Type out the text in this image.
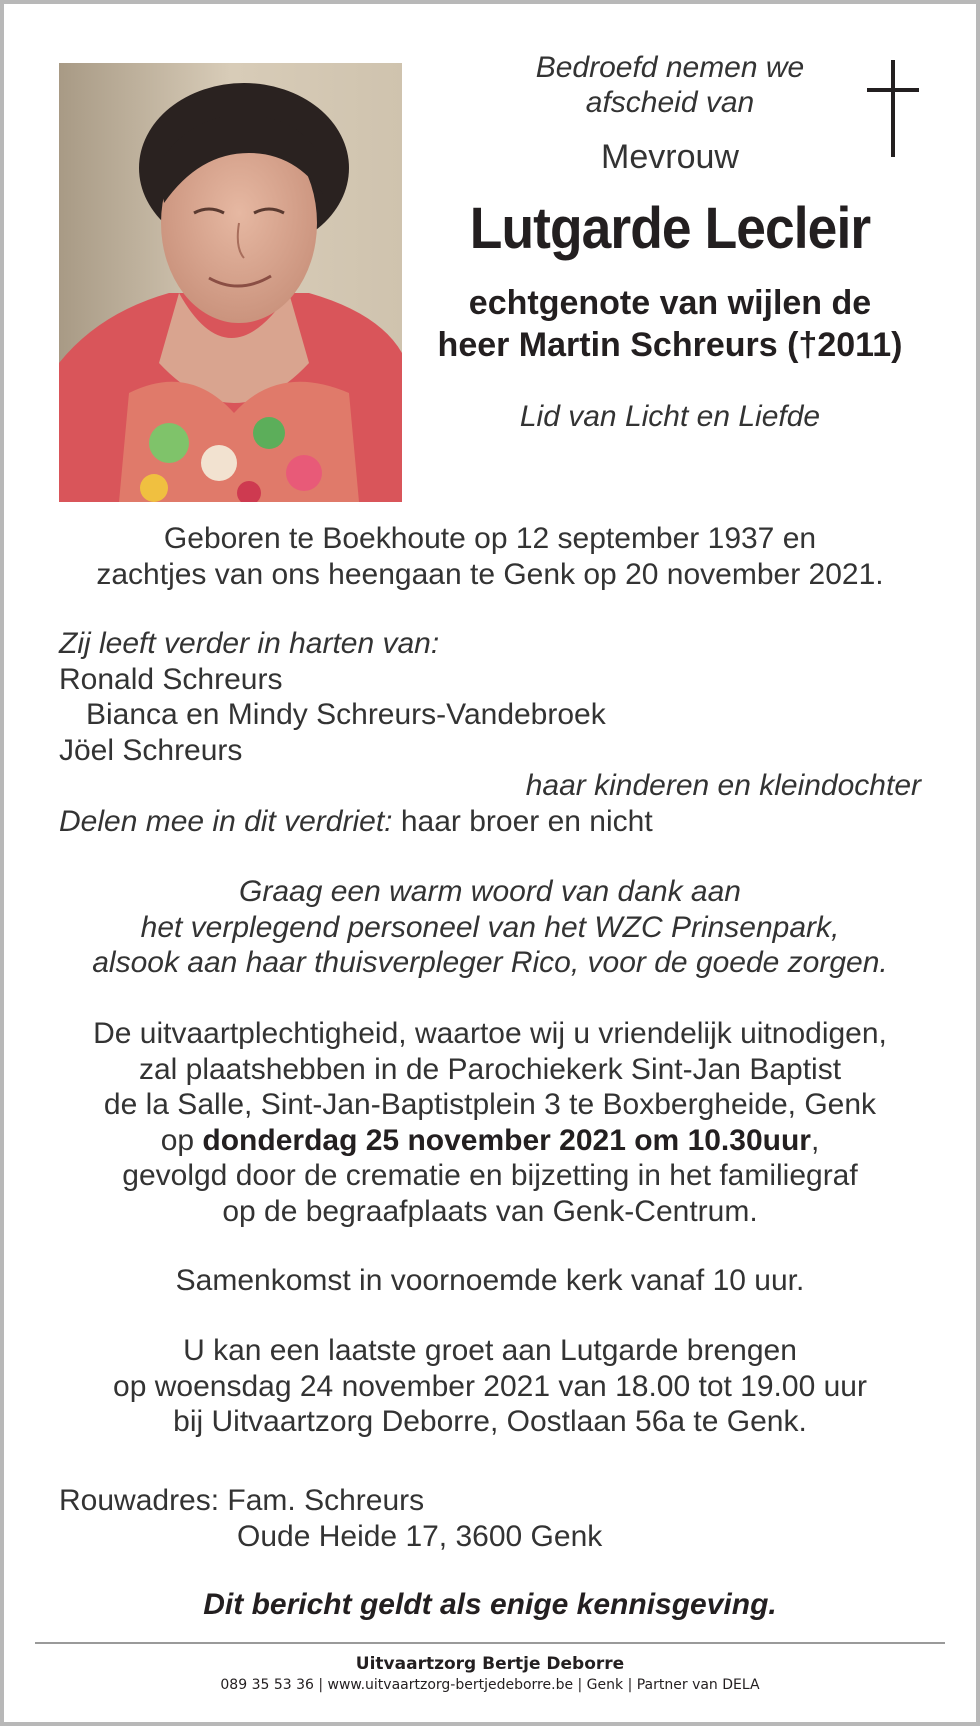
Bedroefd nemen we
afscheid van
Mevrouw
Lutgarde Lecleir
echtgenote van wijlen de
heer Martin Schreurs (†2011)
Lid van Licht en Liefde
Geboren te Boekhoute op 12 september 1937 en
zachtjes van ons heengaan te Genk op 20 november 2021.
Zij leeft verder in harten van:
Ronald Schreurs
Bianca en Mindy Schreurs-Vandebroek
Jöel Schreurs
haar kinderen en kleindochter
Delen mee in dit verdriet: haar broer en nicht
Graag een warm woord van dank aan
het verplegend personeel van het WZC Prinsenpark,
alsook aan haar thuisverpleger Rico, voor de goede zorgen.
De uitvaartplechtigheid, waartoe wij u vriendelijk uitnodigen,
zal plaatshebben in de Parochiekerk Sint-Jan Baptist
de la Salle, Sint-Jan-Baptistplein 3 te Boxbergheide, Genk
op donderdag 25 november 2021 om 10.30uur,
gevolgd door de crematie en bijzetting in het familiegraf
op de begraafplaats van Genk-Centrum.
Samenkomst in voornoemde kerk vanaf 10 uur.
U kan een laatste groet aan Lutgarde brengen
op woensdag 24 november 2021 van 18.00 tot 19.00 uur
bij Uitvaartzorg Deborre, Oostlaan 56a te Genk.
Rouwadres: Fam. Schreurs
Oude Heide 17, 3600 Genk
Dit bericht geldt als enige kennisgeving.
Uitvaartzorg Bertje Deborre
089 35 53 36 | www.uitvaartzorg-bertjedeborre.be | Genk | Partner van DELA
